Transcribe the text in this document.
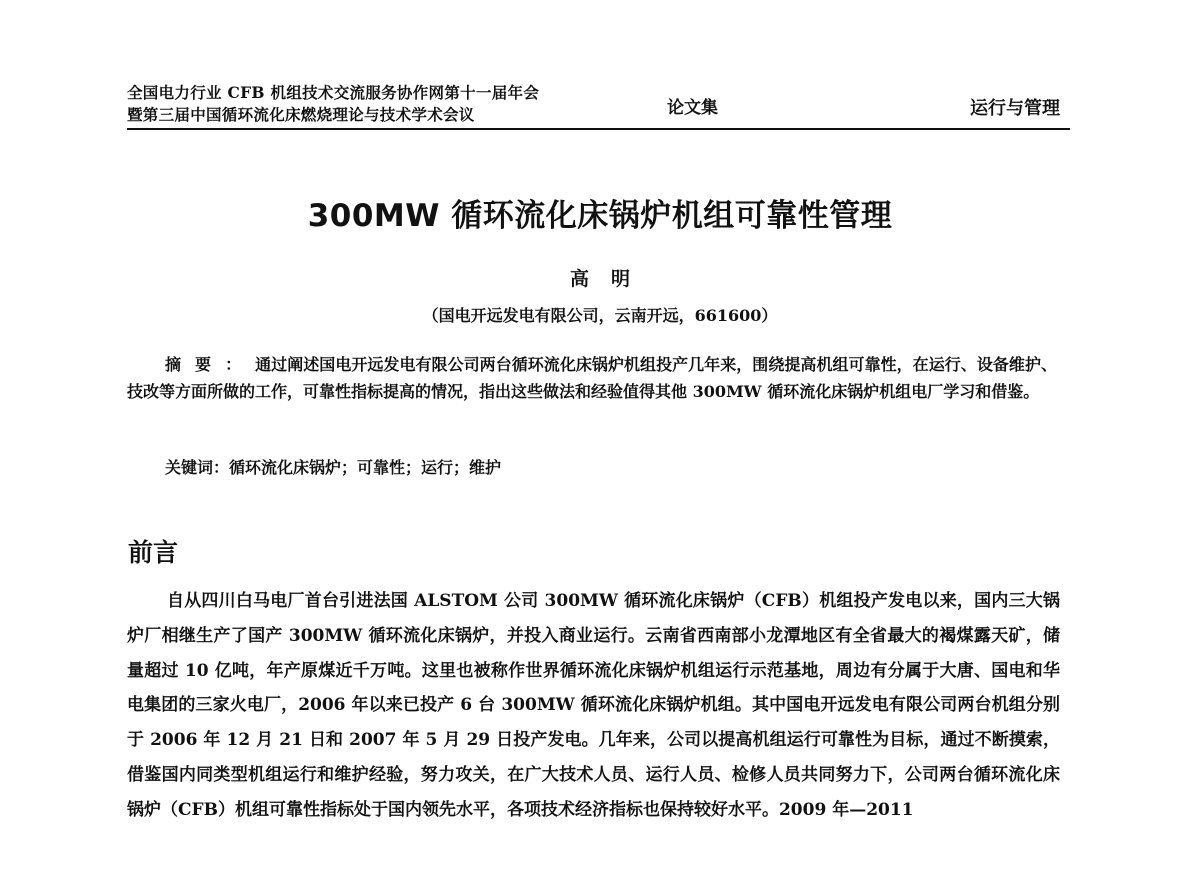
全国电力行业 CFB 机组技术交流服务协作网第十一届年会
暨第三届中国循环流化床燃烧理论与技术学术会议	论文集	运行与管理
300MW 循环流化床锅炉机组可靠性管理
高明
（国电开远发电有限公司，云南开远，661600）
摘要：通过阐述国电开远发电有限公司两台循环流化床锅炉机组投产几年来，围绕提高机组可靠性，在运行、设备维护、技改等方面所做的工作，可靠性指标提高的情况，指出这些做法和经验值得其他 300MW 循环流化床锅炉机组电厂学习和借鉴。
关键词：循环流化床锅炉；可靠性；运行；维护
前言
自从四川白马电厂首台引进法国 ALSTOM 公司 300MW 循环流化床锅炉（CFB）机组投产发电以来，国内三大锅炉厂相继生产了国产 300MW 循环流化床锅炉，并投入商业运行。云南省西南部小龙潭地区有全省最大的褐煤露天矿，储量超过 10 亿吨，年产原煤近千万吨。这里也被称作世界循环流化床锅炉机组运行示范基地，周边有分属于大唐、国电和华电集团的三家火电厂，2006 年以来已投产 6 台 300MW 循环流化床锅炉机组。其中国电开远发电有限公司两台机组分别于 2006 年 12 月 21 日和 2007 年 5 月 29 日投产发电。几年来，公司以提高机组运行可靠性为目标，通过不断摸索，借鉴国内同类型机组运行和维护经验，努力攻关，在广大技术人员、运行人员、检修人员共同努力下，公司两台循环流化床锅炉（CFB）机组可靠性指标处于国内领先水平，各项技术经济指标也保持较好水平。2009 年—2011
